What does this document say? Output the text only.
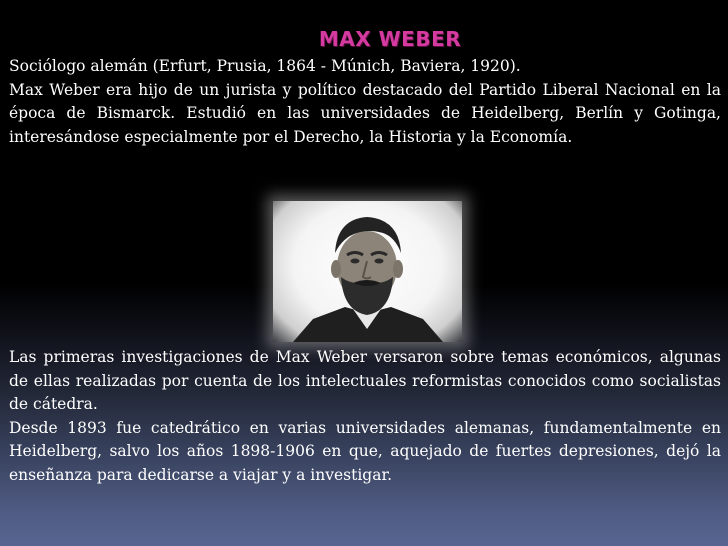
MAX WEBER

Sociólogo alemán (Erfurt, Prusia, 1864 - Múnich, Baviera, 1920).

Max Weber era hijo de un jurista y político destacado del Partido Liberal Nacional en la época de Bismarck. Estudió en las universidades de Heidelberg, Berlín y Gotinga, interesándose especialmente por el Derecho, la Historia y la Economía.

Las primeras investigaciones de Max Weber versaron sobre temas económicos, algunas de ellas realizadas por cuenta de los intelectuales reformistas conocidos como socialistas de cátedra.

Desde 1893 fue catedrático en varias universidades alemanas, fundamentalmente en Heidelberg, salvo los años 1898-1906 en que, aquejado de fuertes depresiones, dejó la enseñanza para dedicarse a viajar y a investigar.
